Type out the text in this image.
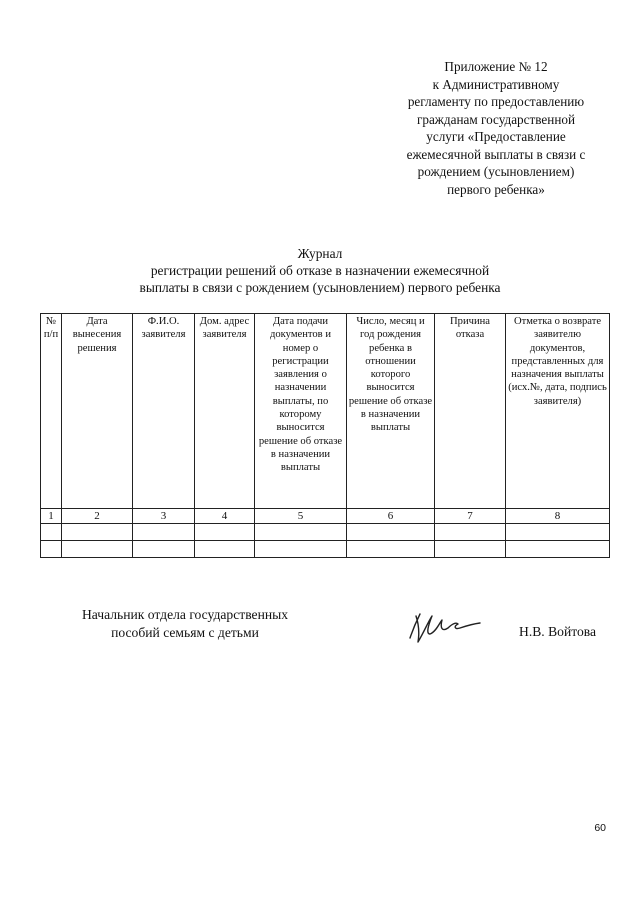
Приложение № 12
к Административному
регламенту по предоставлению
гражданам государственной
услуги «Предоставление
ежемесячной выплаты в связи с
рождением (усыновлением)
первого ребенка»
Журнал
регистрации решений об отказе в назначении ежемесячной
выплаты в связи с рождением (усыновлением) первого ребенка
№ п/п	Дата вынесения решения	Ф.И.О. заявителя	Дом. адрес заявителя	Дата подачи документов и номер о регистрации заявления о назначении выплаты, по которому выносится решение об отказе в назначении выплаты	Число, месяц и год рождения ребенка в отношении которого выносится решение об отказе в назначении выплаты	Причина отказа	Отметка о возврате заявителю документов, представленных для назначения выплаты (исх.№, дата, подпись заявителя)
1	2	3	4	5	6	7	8

Начальник отдела государственных
пособий семьям с детьми	Н.В. Войтова
60
